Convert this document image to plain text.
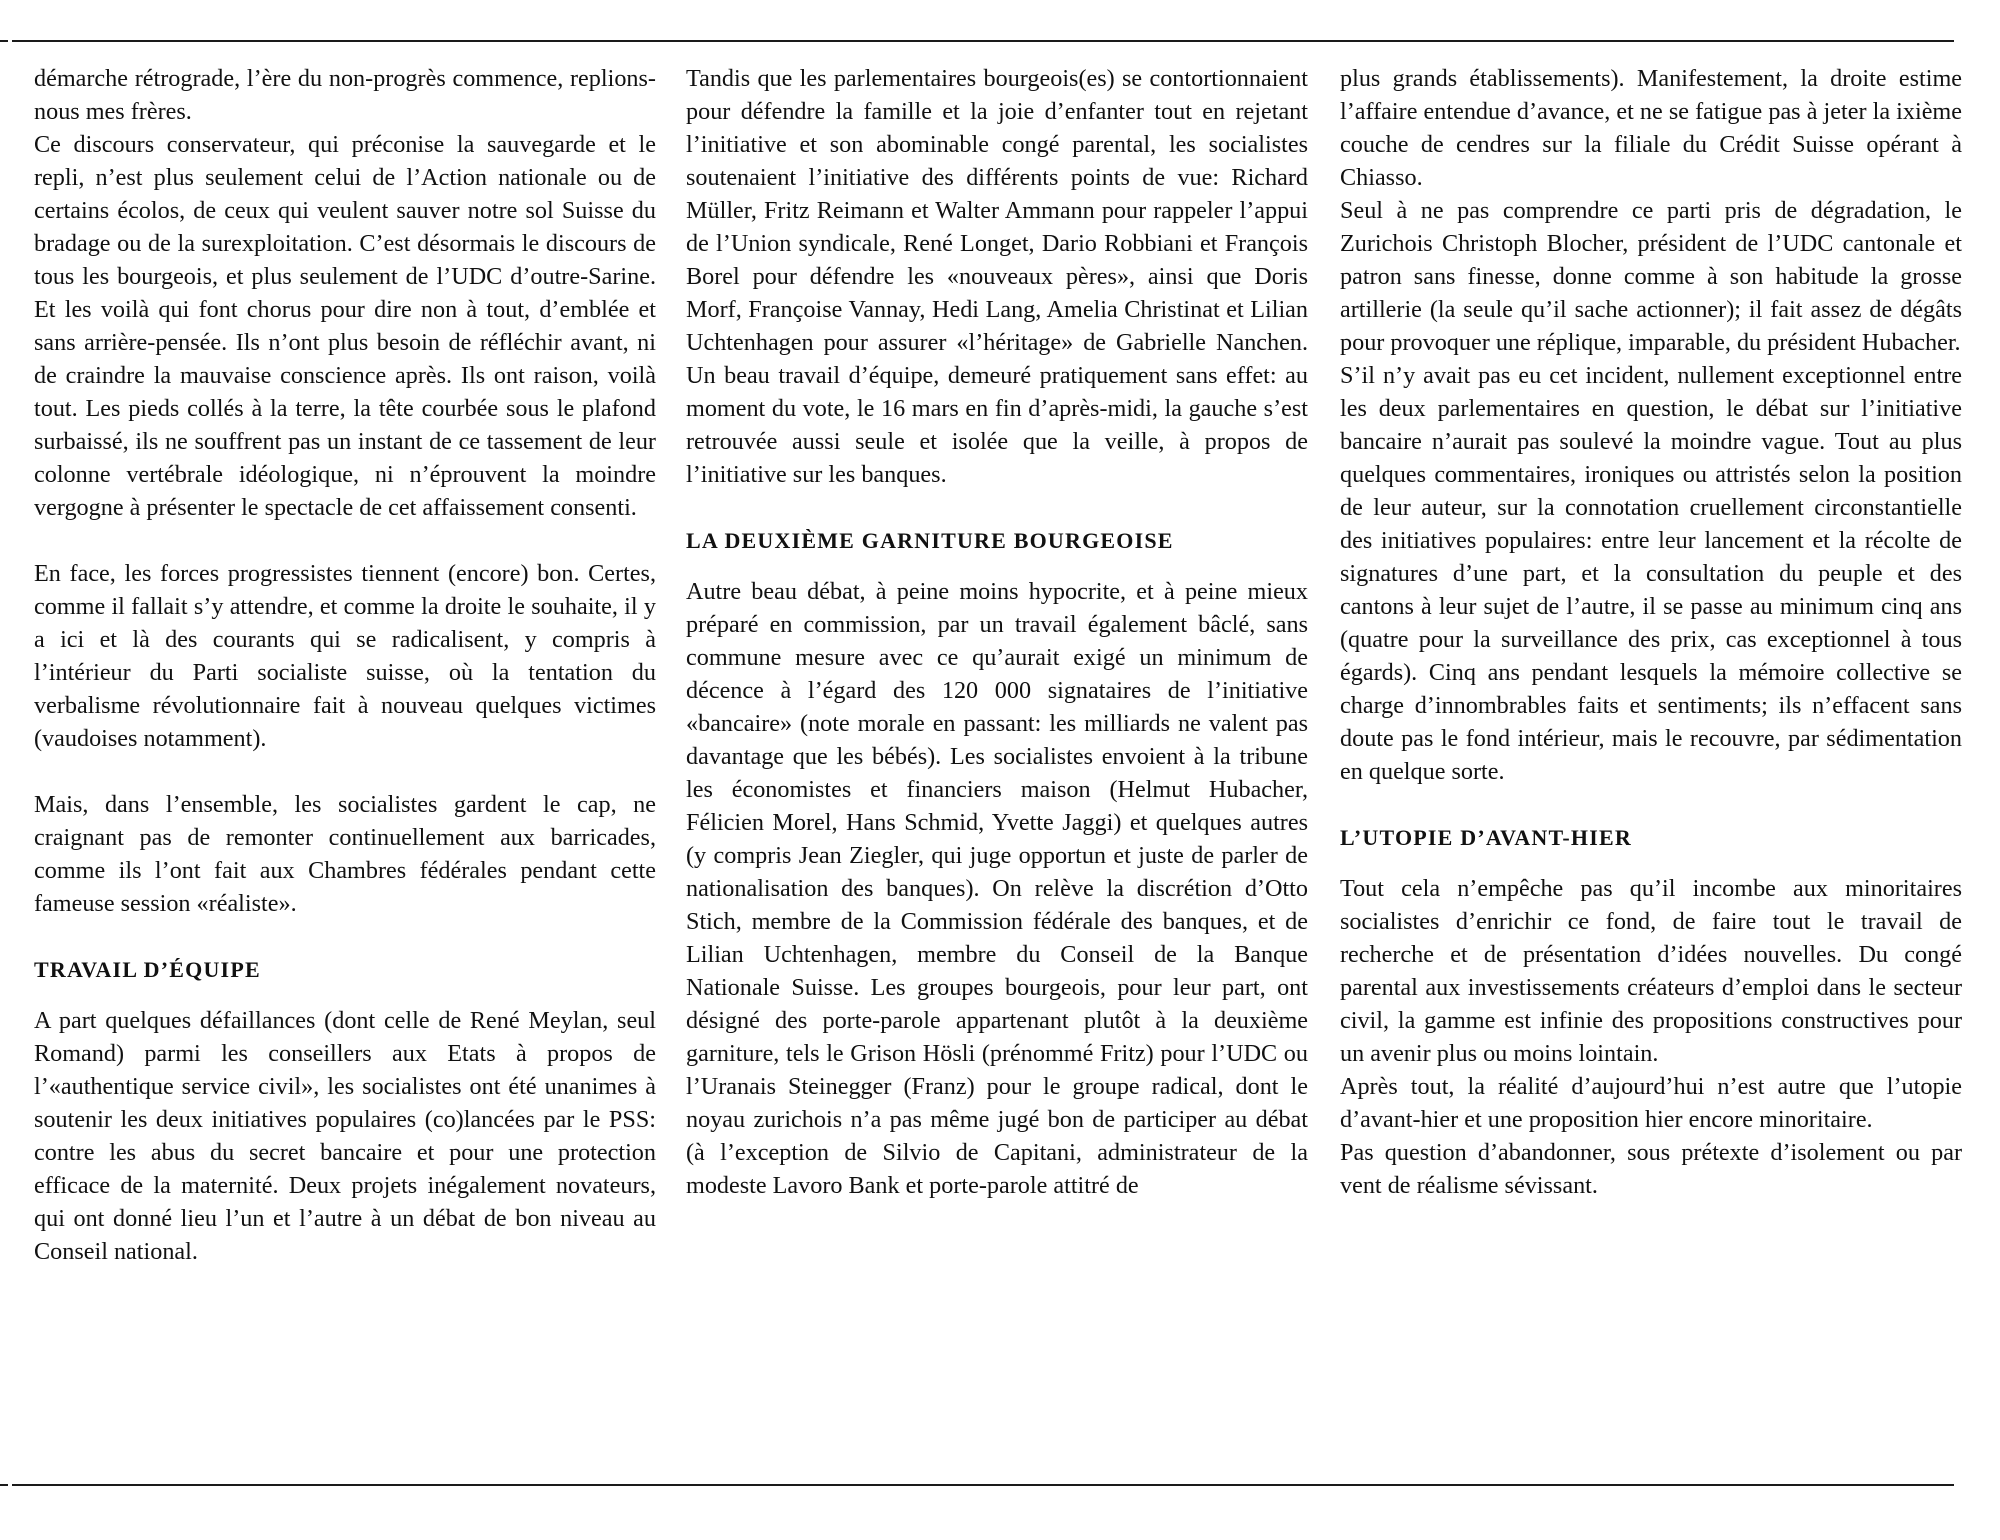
démarche rétrograde, l’ère du non-progrès commence, replions-nous mes frères.

Ce discours conservateur, qui préconise la sauvegarde et le repli, n’est plus seulement celui de l’Action nationale ou de certains écolos, de ceux qui veulent sauver notre sol Suisse du bradage ou de la surexploitation. C’est désormais le discours de tous les bourgeois, et plus seulement de l’UDC d’outre-Sarine. Et les voilà qui font chorus pour dire non à tout, d’emblée et sans arrière-pensée. Ils n’ont plus besoin de réfléchir avant, ni de craindre la mauvaise conscience après. Ils ont raison, voilà tout. Les pieds collés à la terre, la tête courbée sous le plafond surbaissé, ils ne souffrent pas un instant de ce tassement de leur colonne vertébrale idéologique, ni n’éprouvent la moindre vergogne à présenter le spectacle de cet affaissement consenti.

En face, les forces progressistes tiennent (encore) bon. Certes, comme il fallait s’y attendre, et comme la droite le souhaite, il y a ici et là des courants qui se radicalisent, y compris à l’intérieur du Parti socialiste suisse, où la tentation du verbalisme révolutionnaire fait à nouveau quelques victimes (vaudoises notamment).

Mais, dans l’ensemble, les socialistes gardent le cap, ne craignant pas de remonter continuellement aux barricades, comme ils l’ont fait aux Chambres fédérales pendant cette fameuse session «réaliste».

TRAVAIL D’ÉQUIPE

A part quelques défaillances (dont celle de René Meylan, seul Romand) parmi les conseillers aux Etats à propos de l’«authentique service civil», les socialistes ont été unanimes à soutenir les deux initiatives populaires (co)lancées par le PSS: contre les abus du secret bancaire et pour une protection efficace de la maternité. Deux projets inégalement novateurs, qui ont donné lieu l’un et l’autre à un débat de bon niveau au Conseil national.

Tandis que les parlementaires bourgeois(es) se contortionnaient pour défendre la famille et la joie d’enfanter tout en rejetant l’initiative et son abominable congé parental, les socialistes soutenaient l’initiative des différents points de vue: Richard Müller, Fritz Reimann et Walter Ammann pour rappeler l’appui de l’Union syndicale, René Longet, Dario Robbiani et François Borel pour défendre les «nouveaux pères», ainsi que Doris Morf, Françoise Vannay, Hedi Lang, Amelia Christinat et Lilian Uchtenhagen pour assurer «l’héritage» de Gabrielle Nanchen. Un beau travail d’équipe, demeuré pratiquement sans effet: au moment du vote, le 16 mars en fin d’après-midi, la gauche s’est retrouvée aussi seule et isolée que la veille, à propos de l’initiative sur les banques.

LA DEUXIÈME GARNITURE BOURGEOISE

Autre beau débat, à peine moins hypocrite, et à peine mieux préparé en commission, par un travail également bâclé, sans commune mesure avec ce qu’aurait exigé un minimum de décence à l’égard des 120 000 signataires de l’initiative «bancaire» (note morale en passant: les milliards ne valent pas davantage que les bébés). Les socialistes envoient à la tribune les économistes et financiers maison (Helmut Hubacher, Félicien Morel, Hans Schmid, Yvette Jaggi) et quelques autres (y compris Jean Ziegler, qui juge opportun et juste de parler de nationalisation des banques). On relève la discrétion d’Otto Stich, membre de la Commission fédérale des banques, et de Lilian Uchtenhagen, membre du Conseil de la Banque Nationale Suisse. Les groupes bourgeois, pour leur part, ont désigné des porte-parole appartenant plutôt à la deuxième garniture, tels le Grison Hösli (prénommé Fritz) pour l’UDC ou l’Uranais Steinegger (Franz) pour le groupe radical, dont le noyau zurichois n’a pas même jugé bon de participer au débat (à l’exception de Silvio de Capitani, administrateur de la modeste Lavoro Bank et porte-parole attitré de

plus grands établissements). Manifestement, la droite estime l’affaire entendue d’avance, et ne se fatigue pas à jeter la ixième couche de cendres sur la filiale du Crédit Suisse opérant à Chiasso.

Seul à ne pas comprendre ce parti pris de dégradation, le Zurichois Christoph Blocher, président de l’UDC cantonale et patron sans finesse, donne comme à son habitude la grosse artillerie (la seule qu’il sache actionner); il fait assez de dégâts pour provoquer une réplique, imparable, du président Hubacher.

S’il n’y avait pas eu cet incident, nullement exceptionnel entre les deux parlementaires en question, le débat sur l’initiative bancaire n’aurait pas soulevé la moindre vague. Tout au plus quelques commentaires, ironiques ou attristés selon la position de leur auteur, sur la connotation cruellement circonstantielle des initiatives populaires: entre leur lancement et la récolte de signatures d’une part, et la consultation du peuple et des cantons à leur sujet de l’autre, il se passe au minimum cinq ans (quatre pour la surveillance des prix, cas exceptionnel à tous égards). Cinq ans pendant lesquels la mémoire collective se charge d’innombrables faits et sentiments; ils n’effacent sans doute pas le fond intérieur, mais le recouvre, par sédimentation en quelque sorte.

L’UTOPIE D’AVANT-HIER

Tout cela n’empêche pas qu’il incombe aux minoritaires socialistes d’enrichir ce fond, de faire tout le travail de recherche et de présentation d’idées nouvelles. Du congé parental aux investissements créateurs d’emploi dans le secteur civil, la gamme est infinie des propositions constructives pour un avenir plus ou moins lointain.

Après tout, la réalité d’aujourd’hui n’est autre que l’utopie d’avant-hier et une proposition hier encore minoritaire.

Pas question d’abandonner, sous prétexte d’isolement ou par vent de réalisme sévissant.
